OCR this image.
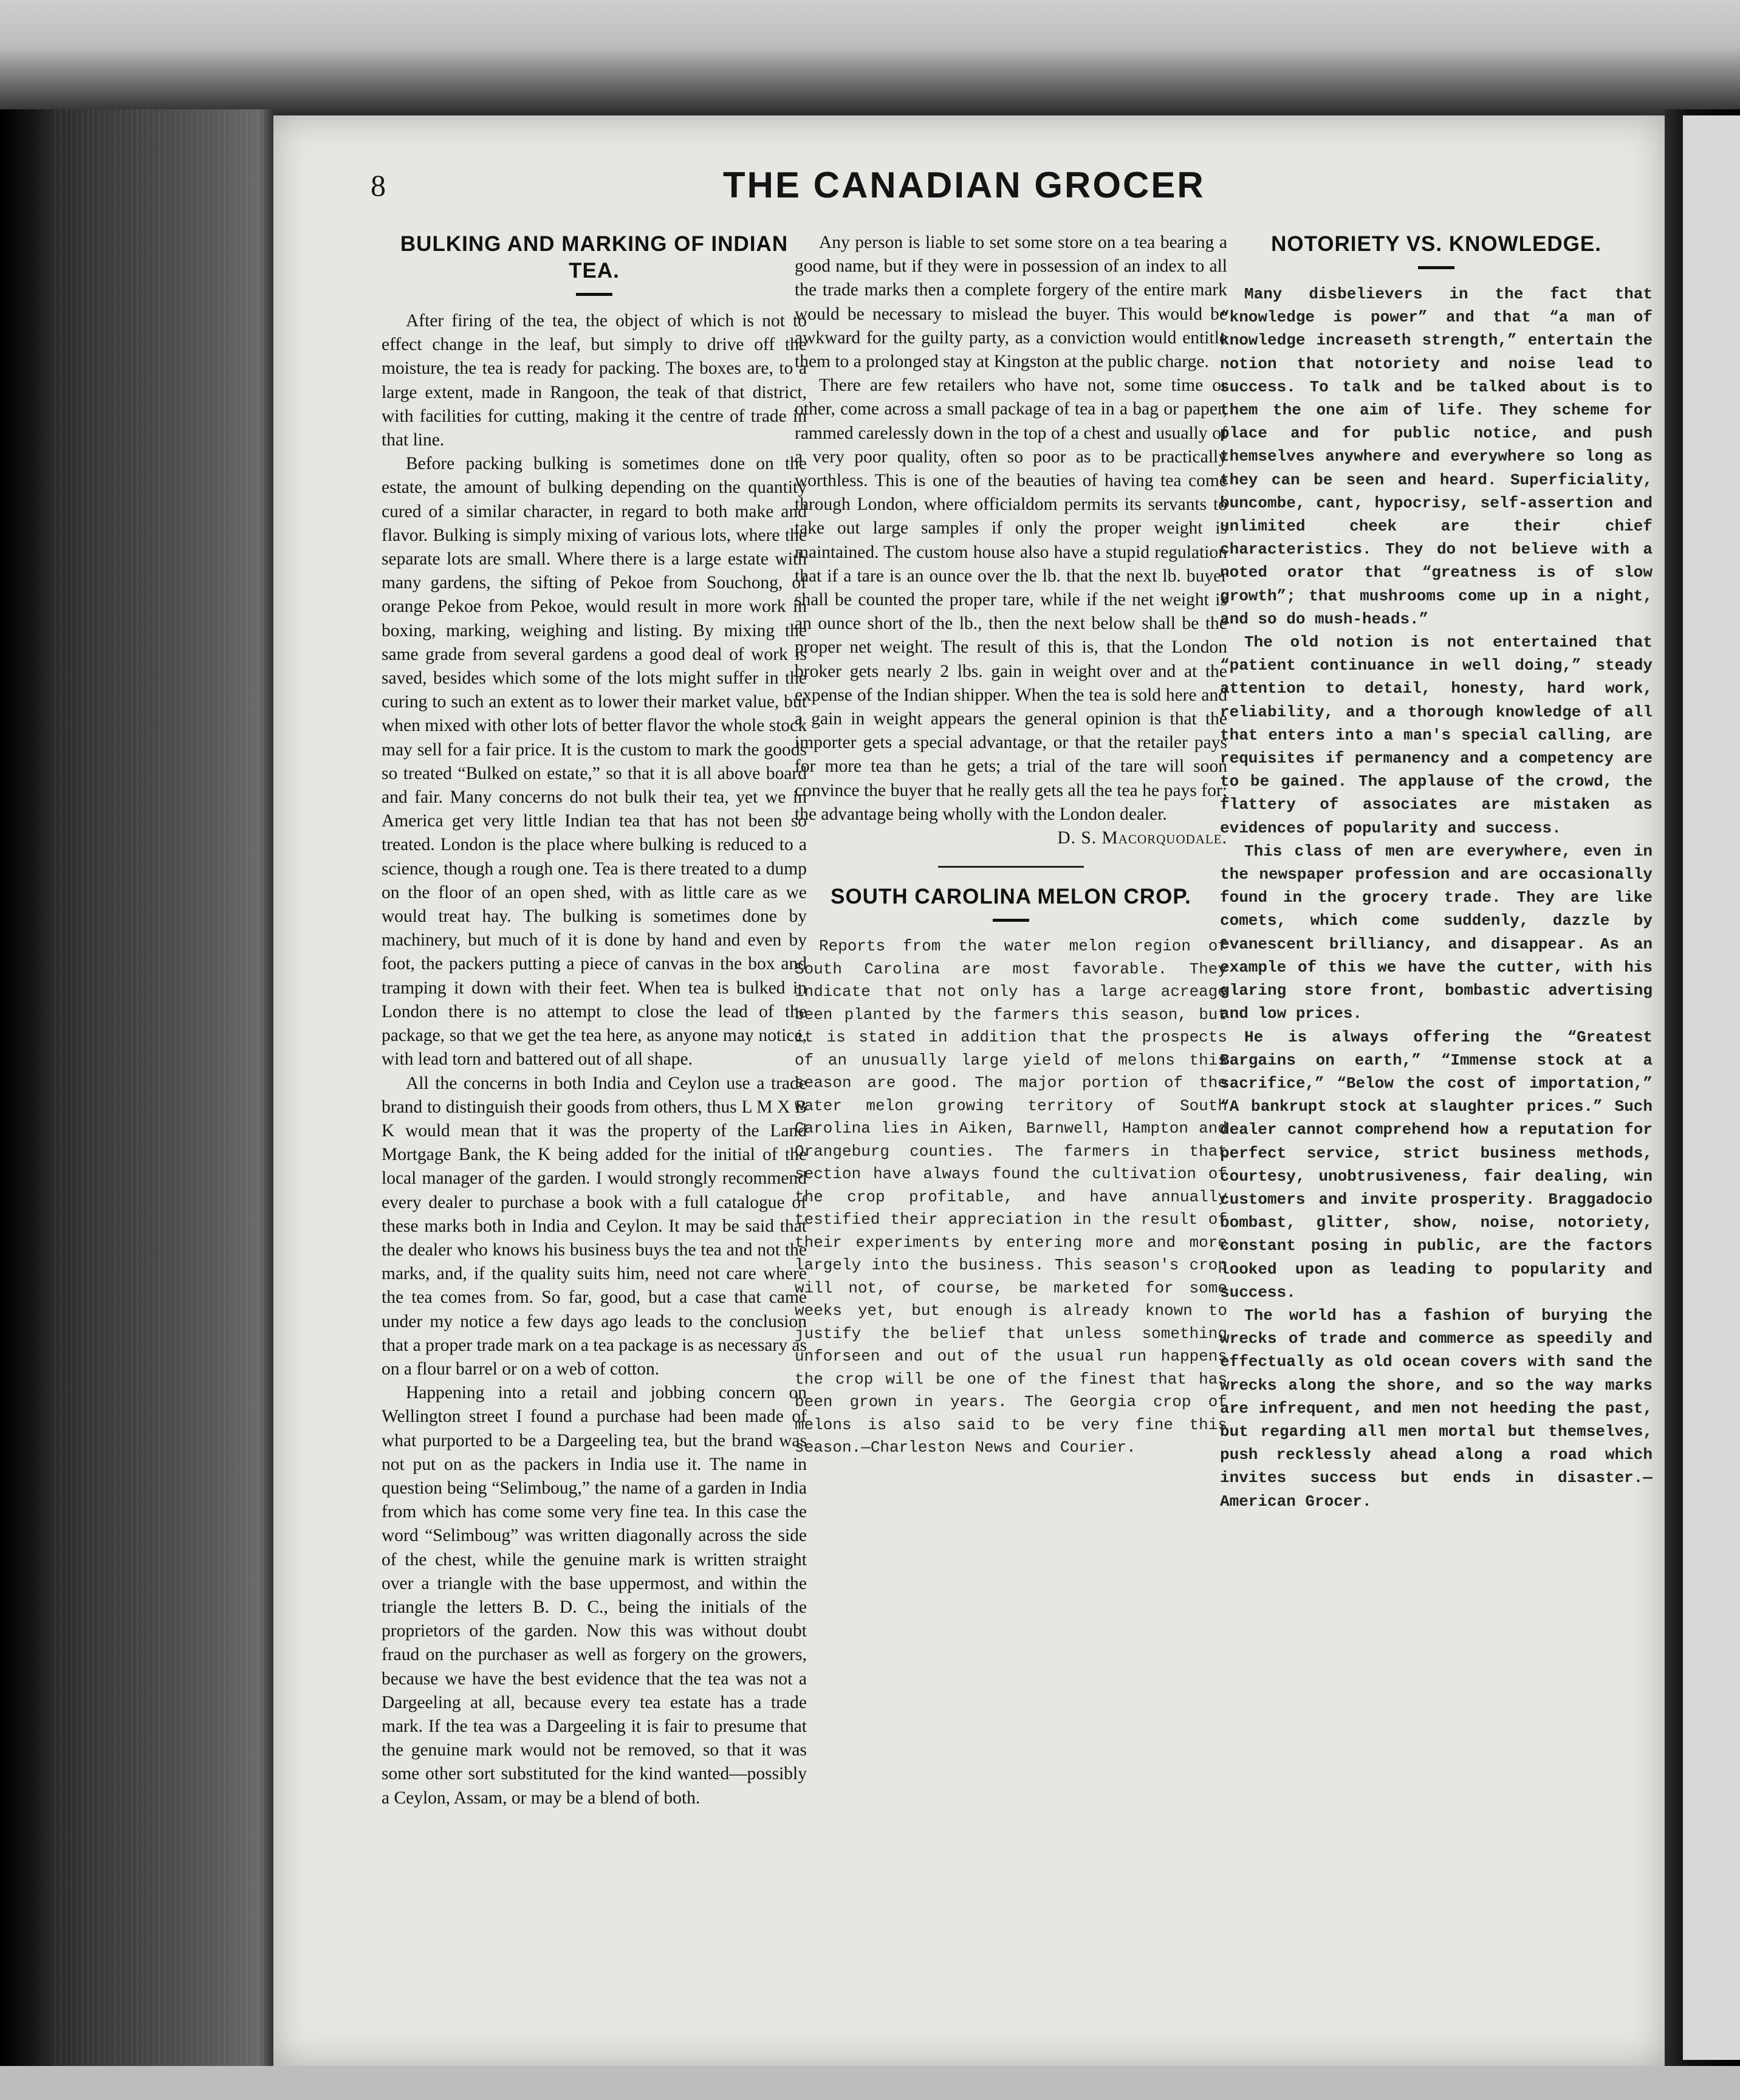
8	THE CANADIAN GROCER
BULKING AND MARKING OF INDIAN TEA.

After firing of the tea, the object of which is not to effect change in the leaf, but simply to drive off the moisture, the tea is ready for packing. The boxes are, to a large extent, made in Rangoon, the teak of that district, with facilities for cutting, making it the centre of trade in that line.

Before packing bulking is sometimes done on the estate, the amount of bulking depending on the quantity cured of a similar character, in regard to both make and flavor. Bulking is simply mixing of various lots, where the separate lots are small. Where there is a large estate with many gardens, the sifting of Pekoe from Souchong, of orange Pekoe from Pekoe, would result in more work in boxing, marking, weighing and listing. By mixing the same grade from several gardens a good deal of work is saved, besides which some of the lots might suffer in the curing to such an extent as to lower their market value, but when mixed with other lots of better flavor the whole stock may sell for a fair price. It is the custom to mark the goods so treated “Bulked on estate,” so that it is all above board and fair. Many concerns do not bulk their tea, yet we in America get very little Indian tea that has not been so treated. London is the place where bulking is reduced to a science, though a rough one. Tea is there treated to a dump on the floor of an open shed, with as little care as we would treat hay. The bulking is sometimes done by machinery, but much of it is done by hand and even by foot, the packers putting a piece of canvas in the box and tramping it down with their feet. When tea is bulked in London there is no attempt to close the lead of the package, so that we get the tea here, as anyone may notice, with lead torn and battered out of all shape.

All the concerns in both India and Ceylon use a trade brand to distinguish their goods from others, thus L M X B K would mean that it was the property of the Land Mortgage Bank, the K being added for the initial of the local manager of the garden. I would strongly recommend every dealer to purchase a book with a full catalogue of these marks both in India and Ceylon. It may be said that the dealer who knows his business buys the tea and not the marks, and, if the quality suits him, need not care where the tea comes from. So far, good, but a case that came under my notice a few days ago leads to the conclusion that a proper trade mark on a tea package is as necessary as on a flour barrel or on a web of cotton.

Happening into a retail and jobbing concern on Wellington street I found a purchase had been made of what purported to be a Dargeeling tea, but the brand was not put on as the packers in India use it. The name in question being “Selimboug,” the name of a garden in India from which has come some very fine tea. In this case the word “Selimboug” was written diagonally across the side of the chest, while the genuine mark is written straight over a triangle with the base uppermost, and within the triangle the letters B. D. C., being the initials of the proprietors of the garden. Now this was without doubt fraud on the purchaser as well as forgery on the growers, because we have the best evidence that the tea was not a Dargeeling at all, because every tea estate has a trade mark. If the tea was a Dargeeling it is fair to presume that the genuine mark would not be removed, so that it was some other sort substituted for the kind wanted—possibly a Ceylon, Assam, or may be a blend of both.

Any person is liable to set some store on a tea bearing a good name, but if they were in possession of an index to all the trade marks then a complete forgery of the entire mark would be necessary to mislead the buyer. This would be awkward for the guilty party, as a conviction would entitle them to a prolonged stay at Kingston at the public charge.

There are few retailers who have not, some time or other, come across a small package of tea in a bag or paper, rammed carelessly down in the top of a chest and usually of a very poor quality, often so poor as to be practically worthless. This is one of the beauties of having tea come through London, where officialdom permits its servants to take out large samples if only the proper weight is maintained. The custom house also have a stupid regulation that if a tare is an ounce over the lb. that the next lb. buyer shall be counted the proper tare, while if the net weight is an ounce short of the lb., then the next below shall be the proper net weight. The result of this is, that the London broker gets nearly 2 lbs. gain in weight over and at the expense of the Indian shipper. When the tea is sold here and a gain in weight appears the general opinion is that the importer gets a special advantage, or that the retailer pays for more tea than he gets; a trial of the tare will soon convince the buyer that he really gets all the tea he pays for; the advantage being wholly with the London dealer.

D. S. Macorquodale.

SOUTH CAROLINA MELON CROP.

Reports from the water melon region of South Carolina are most favorable. They indicate that not only has a large acreage been planted by the farmers this season, but it is stated in addition that the prospects of an unusually large yield of melons this season are good. The major portion of the water melon growing territory of South Carolina lies in Aiken, Barnwell, Hampton and Orangeburg counties. The farmers in that section have always found the cultivation of the crop profitable, and have annually testified their appreciation in the result of their experiments by entering more and more largely into the business. This season's crop will not, of course, be marketed for some weeks yet, but enough is already known to justify the belief that unless something unforseen and out of the usual run happens the crop will be one of the finest that has been grown in years. The Georgia crop of melons is also said to be very fine this season.—Charleston News and Courier.

NOTORIETY VS. KNOWLEDGE.

Many disbelievers in the fact that “knowledge is power” and that “a man of knowledge increaseth strength,” entertain the notion that notoriety and noise lead to success. To talk and be talked about is to them the one aim of life. They scheme for place and for public notice, and push themselves anywhere and everywhere so long as they can be seen and heard. Superficiality, buncombe, cant, hypocrisy, self-assertion and unlimited cheek are their chief characteristics. They do not believe with a noted orator that “greatness is of slow growth”; that mushrooms come up in a night, and so do mush-heads.”

The old notion is not entertained that “patient continuance in well doing,” steady attention to detail, honesty, hard work, reliability, and a thorough knowledge of all that enters into a man's special calling, are requisites if permanency and a competency are to be gained. The applause of the crowd, the flattery of associates are mistaken as evidences of popularity and success.

This class of men are everywhere, even in the newspaper profession and are occasionally found in the grocery trade. They are like comets, which come suddenly, dazzle by evanescent brilliancy, and disappear. As an example of this we have the cutter, with his glaring store front, bombastic advertising and low prices.

He is always offering the “Greatest Bargains on earth,” “Immense stock at a sacrifice,” “Below the cost of importation,” “A bankrupt stock at slaughter prices.” Such dealer cannot comprehend how a reputation for perfect service, strict business methods, courtesy, unobtrusiveness, fair dealing, win customers and invite prosperity. Braggadocio bombast, glitter, show, noise, notoriety, constant posing in public, are the factors looked upon as leading to popularity and success.

The world has a fashion of burying the wrecks of trade and commerce as speedily and effectually as old ocean covers with sand the wrecks along the shore, and so the way marks are infrequent, and men not heeding the past, but regarding all men mortal but themselves, push recklessly ahead along a road which invites success but ends in disaster.—American Grocer.
